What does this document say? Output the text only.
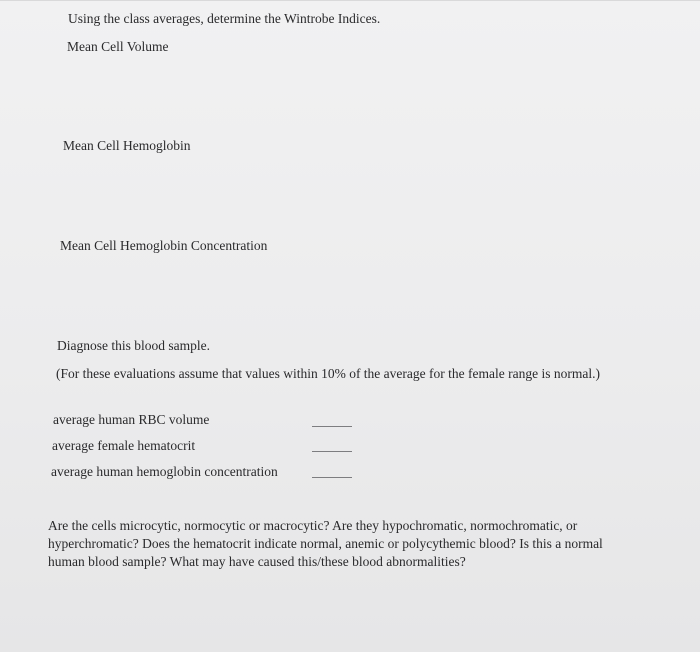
Using the class averages, determine the Wintrobe Indices.
Mean Cell Volume
Mean Cell Hemoglobin
Mean Cell Hemoglobin Concentration
Diagnose this blood sample.
(For these evaluations assume that values within 10% of the average for the female range is normal.)
average human RBC volume
average female hematocrit
average human hemoglobin concentration
Are the cells microcytic, normocytic or macrocytic? Are they hypochromatic, normochromatic, or hyperchromatic? Does the hematocrit indicate normal, anemic or polycythemic blood? Is this a normal human blood sample? What may have caused this/these blood abnormalities?
